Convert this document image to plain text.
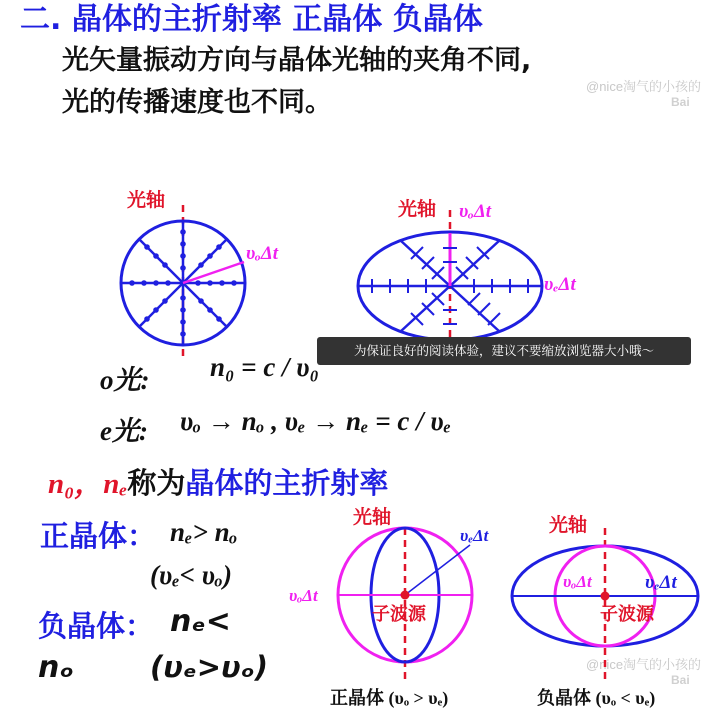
二. 晶体的主折射率 正晶体 负晶体
光矢量振动方向与晶体光轴的夹角不同,
光的传播速度也不同。
@nice淘气的小孩的
Bai
@nice淘气的小孩的
Bai
光轴
υₒΔt
光轴 υₒΔt
υₑΔt
光轴
υₑΔt
υₒΔt
子波源
光轴
υₒΔt	υₑΔt
子波源
正晶体 (υₒ > υₑ)	负晶体 (υₒ < υₑ)
为保证良好的阅读体验，建议不要缩放浏览器大小哦～
o光: n₀ = c / υ₀
e光: υₒ → nₒ , υₑ → nₑ = c / υₑ
n₀，nₑ称为晶体的主折射率
正晶体： nₑ> nₒ
(υₑ< υₒ)
负晶体： nₑ<
nₒ	(υₑ>υₒ)
